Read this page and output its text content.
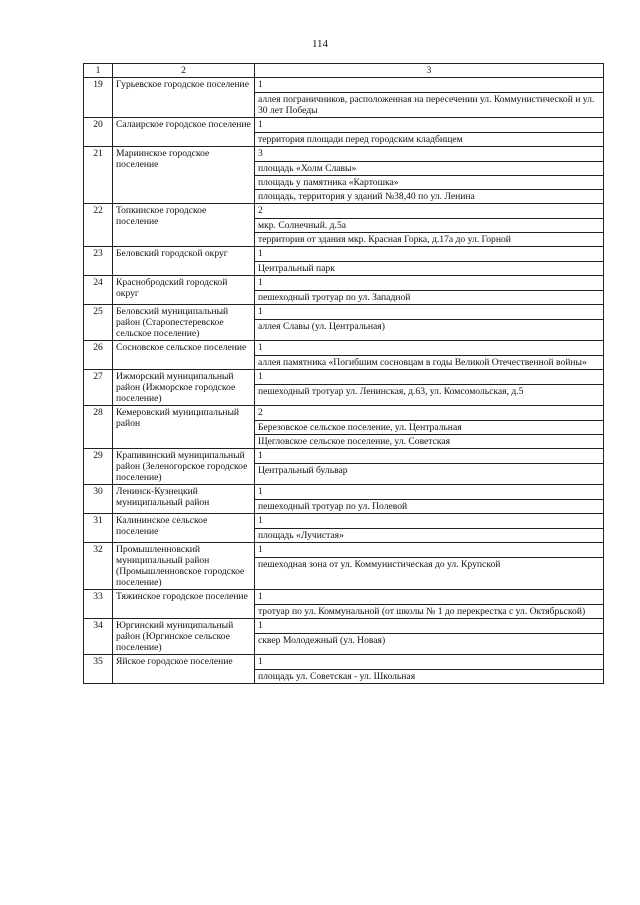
114
1	2	3
19	Гурьевское городское поселение	1
		аллея пограничников, расположенная на пересечении ул. Коммунистической и ул. 30 лет Победы
20	Салаирское городское поселение	1
		территория площади перед городским кладбищем
21	Мариинское городское поселение	3
		площадь «Холм Славы»
		площадь у памятника «Картошка»
		площадь, территория у зданий №38,40 по ул. Ленина
22	Топкинское городское поселение	2
		мкр. Солнечный. д.5а
		территория от здания мкр. Красная Горка, д.17а до ул. Горной
23	Беловский городской округ	1
		Центральный парк
24	Краснобродский городской округ	1
		пешеходный тротуар по ул. Западной
25	Беловский муниципальный район (Старопестеревское сельское поселение)	1
		аллея Славы (ул. Центральная)
26	Сосновское сельское поселение	1
		аллея памятника «Погибшим сосновцам в годы Великой Отечественной войны»
27	Ижморский муниципальный район (Ижморское городское поселение)	1
		пешеходный тротуар ул. Ленинская, д.63, ул. Комсомольская, д.5
28	Кемеровский муниципальный район	2
		Березовское сельское поселение, ул. Центральная
		Щегловское сельское поселение, ул. Советская
29	Крапивинский муниципальный район (Зеленогорское городское поселение)	1
		Центральный бульвар
30	Ленинск-Кузнецкий муниципальный район	1
		пешеходный тротуар по ул. Полевой
31	Калининское сельское поселение	1
		площадь «Лучистая»
32	Промышленновский муниципальный район (Промышленновское городское поселение)	1
		пешеходная зона от ул. Коммунистическая до ул. Крупской
33	Тяжинское городское поселение	1
		тротуар по ул. Коммунальной (от школы № 1 до перекрестка с ул. Октябрьской)
34	Юргинский муниципальный район (Юргинское сельское поселение)	1
		сквер Молодежный (ул. Новая)
35	Яйское городское поселение	1
		площадь ул. Советская - ул. Школьная
